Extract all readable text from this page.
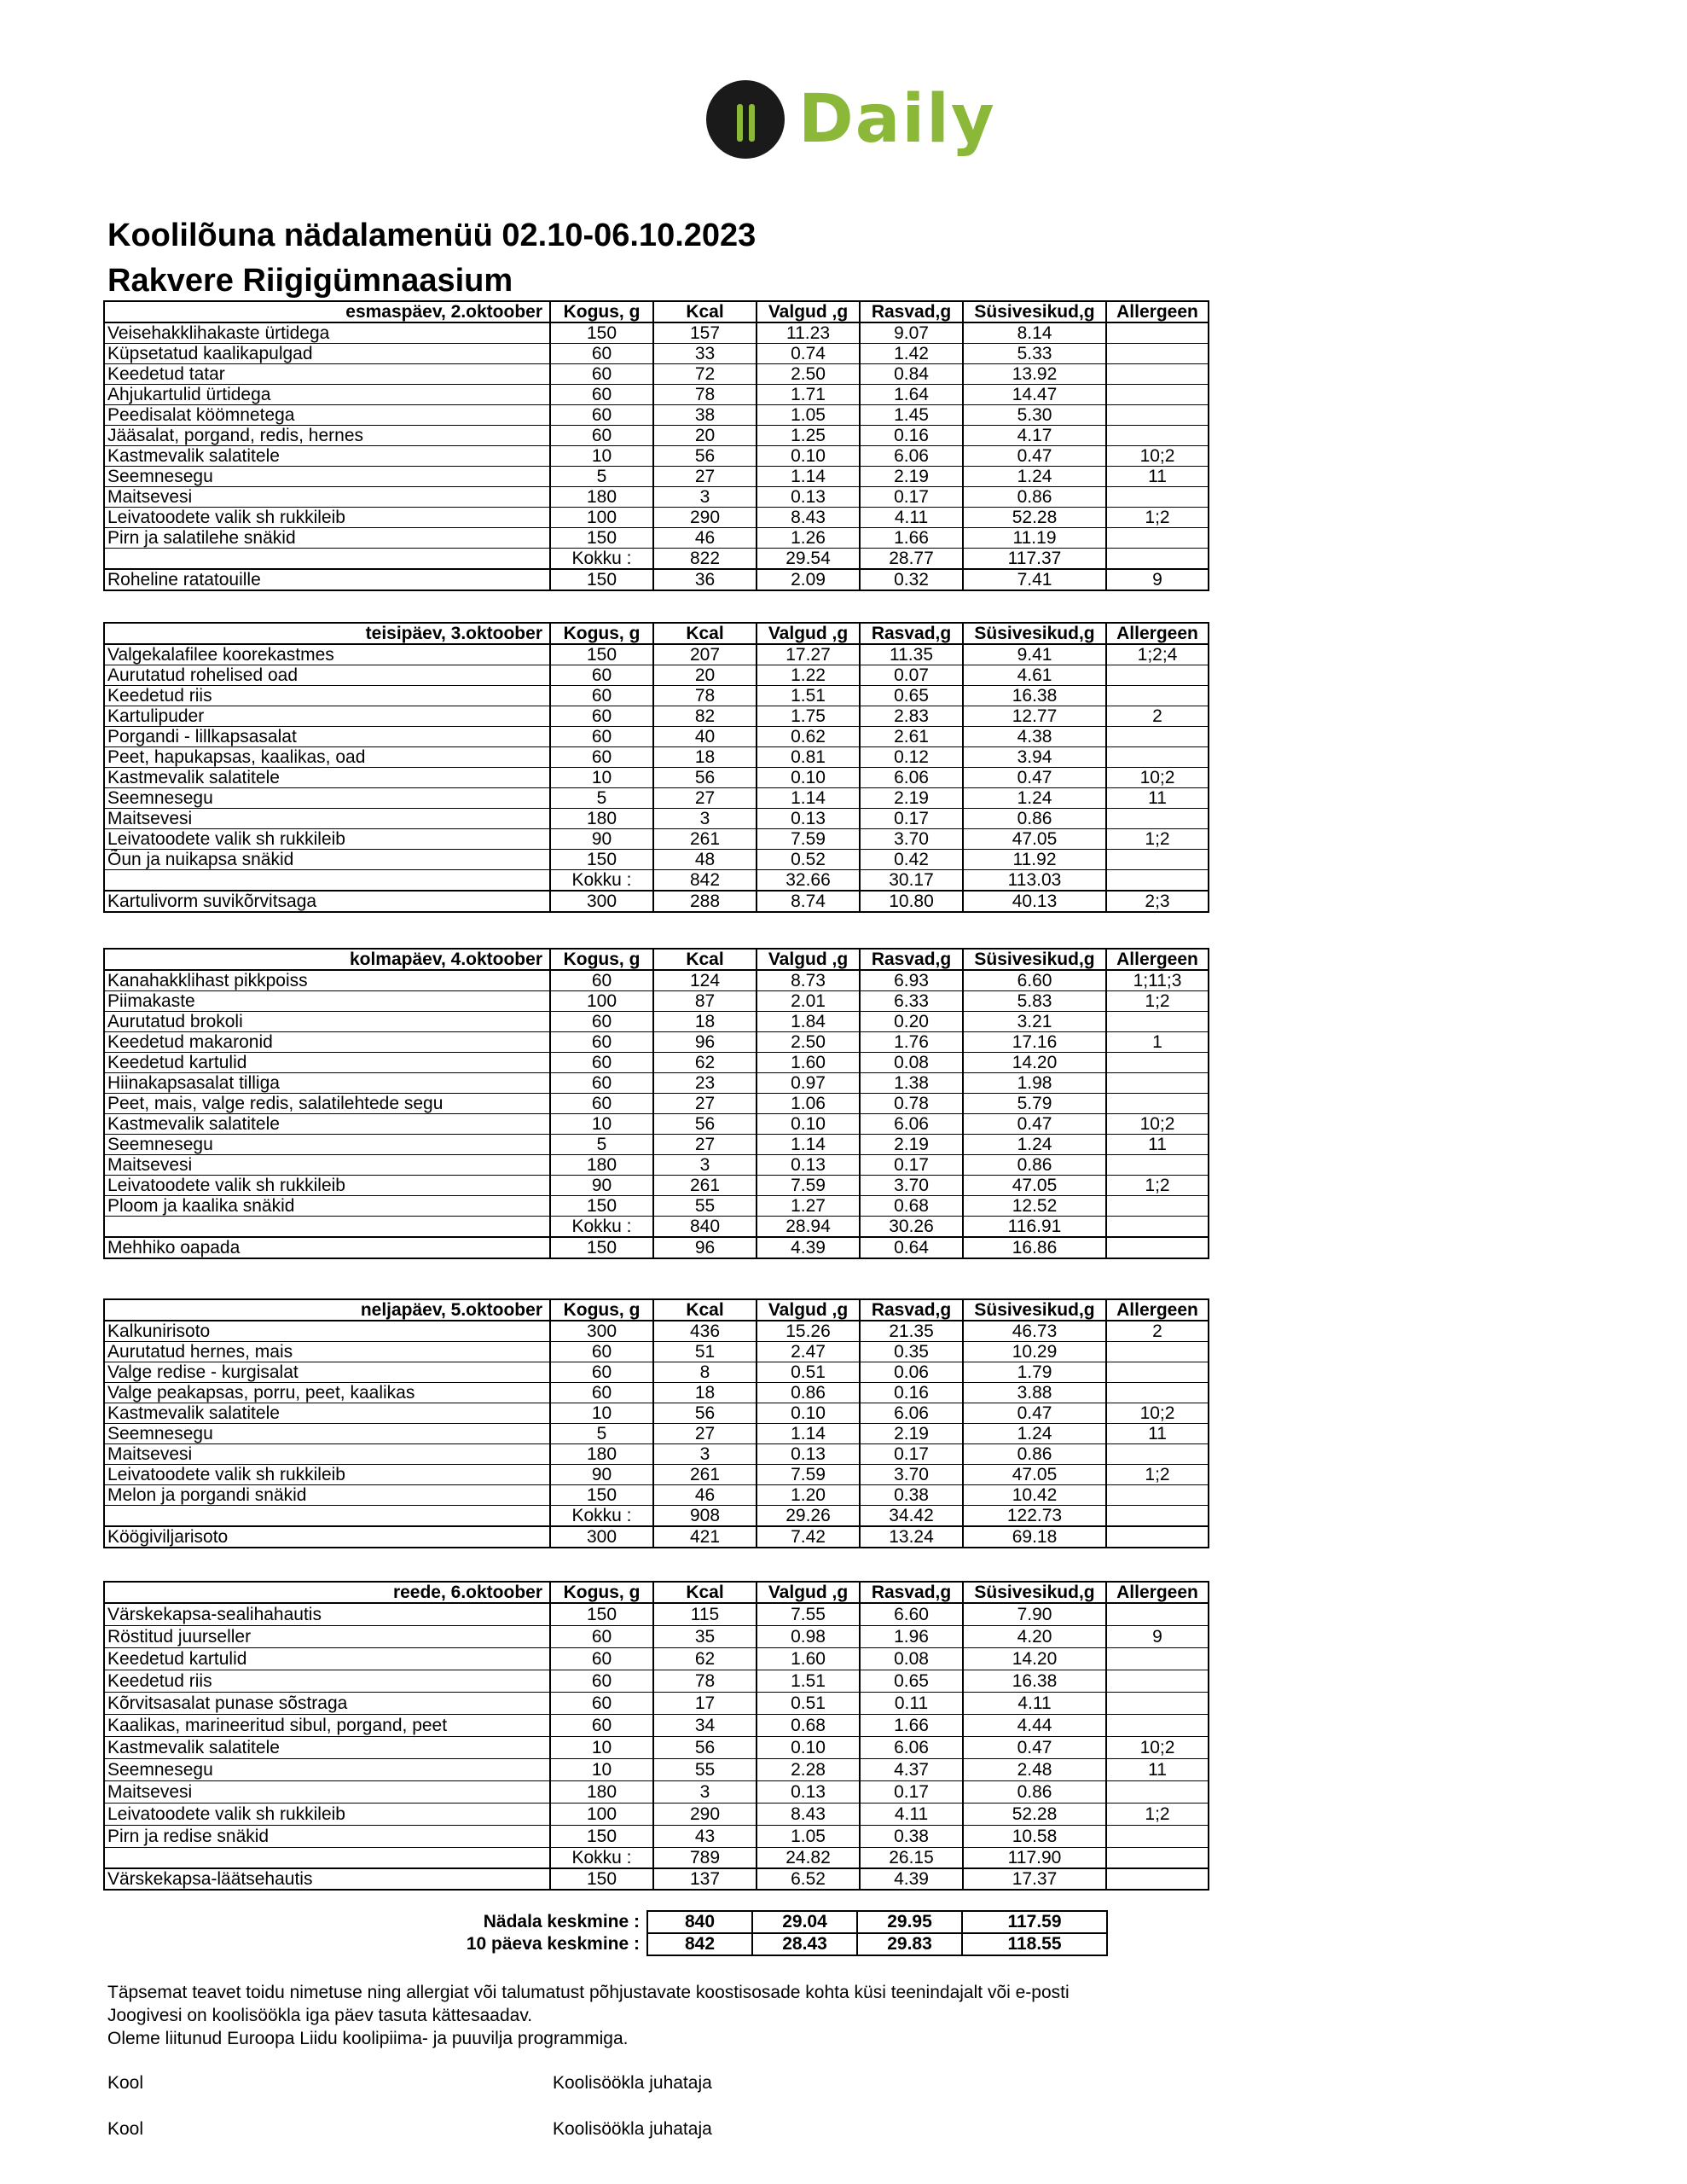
Daily
Koolilõuna nädalamenüü 02.10-06.10.2023
Rakvere Riigigümnaasium
esmaspäev, 2.oktoober	Kogus, g	Kcal	Valgud ,g	Rasvad,g	Süsivesikud,g	Allergeen
Veisehakklihakaste ürtidega	150	157	11.23	9.07	8.14	
Küpsetatud kaalikapulgad	60	33	0.74	1.42	5.33	
Keedetud tatar	60	72	2.50	0.84	13.92	
Ahjukartulid ürtidega	60	78	1.71	1.64	14.47	
Peedisalat köömnetega	60	38	1.05	1.45	5.30	
Jääsalat, porgand, redis, hernes	60	20	1.25	0.16	4.17	
Kastmevalik salatitele	10	56	0.10	6.06	0.47	10;2
Seemnesegu	5	27	1.14	2.19	1.24	11
Maitsevesi	180	3	0.13	0.17	0.86	
Leivatoodete valik sh rukkileib	100	290	8.43	4.11	52.28	1;2
Pirn ja salatilehe snäkid	150	46	1.26	1.66	11.19	
	Kokku :	822	29.54	28.77	117.37	
Roheline ratatouille	150	36	2.09	0.32	7.41	9
teisipäev, 3.oktoober	Kogus, g	Kcal	Valgud ,g	Rasvad,g	Süsivesikud,g	Allergeen
Valgekalafilee koorekastmes	150	207	17.27	11.35	9.41	1;2;4
Aurutatud rohelised oad	60	20	1.22	0.07	4.61	
Keedetud riis	60	78	1.51	0.65	16.38	
Kartulipuder	60	82	1.75	2.83	12.77	2
Porgandi - lillkapsasalat	60	40	0.62	2.61	4.38	
Peet, hapukapsas, kaalikas, oad	60	18	0.81	0.12	3.94	
Kastmevalik salatitele	10	56	0.10	6.06	0.47	10;2
Seemnesegu	5	27	1.14	2.19	1.24	11
Maitsevesi	180	3	0.13	0.17	0.86	
Leivatoodete valik sh rukkileib	90	261	7.59	3.70	47.05	1;2
Õun ja nuikapsa snäkid	150	48	0.52	0.42	11.92	
	Kokku :	842	32.66	30.17	113.03	
Kartulivorm suvikõrvitsaga	300	288	8.74	10.80	40.13	2;3
kolmapäev, 4.oktoober	Kogus, g	Kcal	Valgud ,g	Rasvad,g	Süsivesikud,g	Allergeen
Kanahakklihast pikkpoiss	60	124	8.73	6.93	6.60	1;11;3
Piimakaste	100	87	2.01	6.33	5.83	1;2
Aurutatud brokoli	60	18	1.84	0.20	3.21	
Keedetud makaronid	60	96	2.50	1.76	17.16	1
Keedetud kartulid	60	62	1.60	0.08	14.20	
Hiinakapsasalat tilliga	60	23	0.97	1.38	1.98	
Peet, mais, valge redis, salatilehtede segu	60	27	1.06	0.78	5.79	
Kastmevalik salatitele	10	56	0.10	6.06	0.47	10;2
Seemnesegu	5	27	1.14	2.19	1.24	11
Maitsevesi	180	3	0.13	0.17	0.86	
Leivatoodete valik sh rukkileib	90	261	7.59	3.70	47.05	1;2
Ploom ja kaalika snäkid	150	55	1.27	0.68	12.52	
	Kokku :	840	28.94	30.26	116.91	
Mehhiko oapada	150	96	4.39	0.64	16.86	
neljapäev, 5.oktoober	Kogus, g	Kcal	Valgud ,g	Rasvad,g	Süsivesikud,g	Allergeen
Kalkunirisoto	300	436	15.26	21.35	46.73	2
Aurutatud hernes, mais	60	51	2.47	0.35	10.29	
Valge redise - kurgisalat	60	8	0.51	0.06	1.79	
Valge peakapsas, porru, peet, kaalikas	60	18	0.86	0.16	3.88	
Kastmevalik salatitele	10	56	0.10	6.06	0.47	10;2
Seemnesegu	5	27	1.14	2.19	1.24	11
Maitsevesi	180	3	0.13	0.17	0.86	
Leivatoodete valik sh rukkileib	90	261	7.59	3.70	47.05	1;2
Melon ja porgandi snäkid	150	46	1.20	0.38	10.42	
	Kokku :	908	29.26	34.42	122.73	
Köögiviljarisoto	300	421	7.42	13.24	69.18	
reede, 6.oktoober	Kogus, g	Kcal	Valgud ,g	Rasvad,g	Süsivesikud,g	Allergeen
Värskekapsa-sealihahautis	150	115	7.55	6.60	7.90	
Röstitud juurseller	60	35	0.98	1.96	4.20	9
Keedetud kartulid	60	62	1.60	0.08	14.20	
Keedetud riis	60	78	1.51	0.65	16.38	
Kõrvitsasalat punase sõstraga	60	17	0.51	0.11	4.11	
Kaalikas, marineeritud sibul, porgand, peet	60	34	0.68	1.66	4.44	
Kastmevalik salatitele	10	56	0.10	6.06	0.47	10;2
Seemnesegu	10	55	2.28	4.37	2.48	11
Maitsevesi	180	3	0.13	0.17	0.86	
Leivatoodete valik sh rukkileib	100	290	8.43	4.11	52.28	1;2
Pirn ja redise snäkid	150	43	1.05	0.38	10.58	
	Kokku :	789	24.82	26.15	117.90	
Värskekapsa-läätsehautis	150	137	6.52	4.39	17.37	
Nädala keskmine :	840	29.04	29.95	117.59
10 päeva keskmine :	842	28.43	29.83	118.55
Täpsemat teavet toidu nimetuse ning allergiat või talumatust põhjustavate koostisosade kohta küsi teenindajalt või e-posti
Joogivesi on koolisöökla iga päev tasuta kättesaadav.
Oleme liitunud Euroopa Liidu koolipiima- ja puuvilja programmiga.
Kool	Koolisöökla juhataja
Kool	Koolisöökla juhataja
